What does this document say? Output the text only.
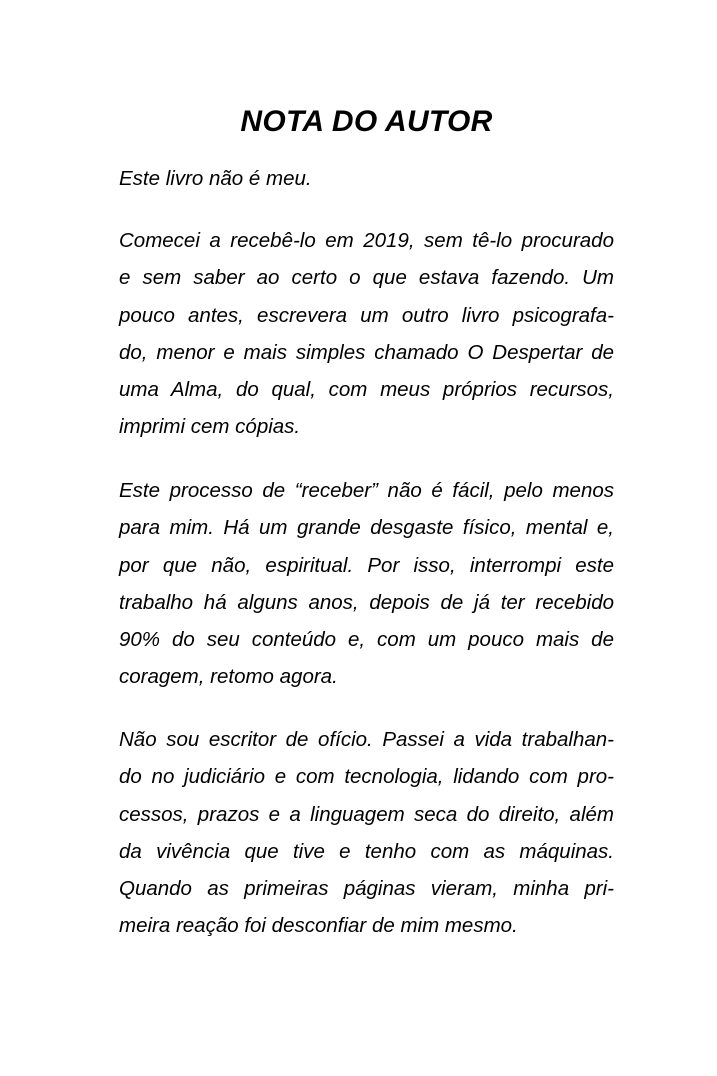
NOTA DO AUTOR
Este livro não é meu.
Comecei a recebê-lo em 2019, sem tê-lo procurado
e sem saber ao certo o que estava fazendo. Um
pouco antes, escrevera um outro livro psicografa-
do, menor e mais simples chamado O Despertar de
uma Alma, do qual, com meus próprios recursos,
imprimi cem cópias.
Este processo de “receber” não é fácil, pelo menos
para mim. Há um grande desgaste físico, mental e,
por que não, espiritual. Por isso, interrompi este
trabalho há alguns anos, depois de já ter recebido
90% do seu conteúdo e, com um pouco mais de
coragem, retomo agora.
Não sou escritor de ofício. Passei a vida trabalhan-
do no judiciário e com tecnologia, lidando com pro-
cessos, prazos e a linguagem seca do direito, além
da vivência que tive e tenho com as máquinas.
Quando as primeiras páginas vieram, minha pri-
meira reação foi desconfiar de mim mesmo.
